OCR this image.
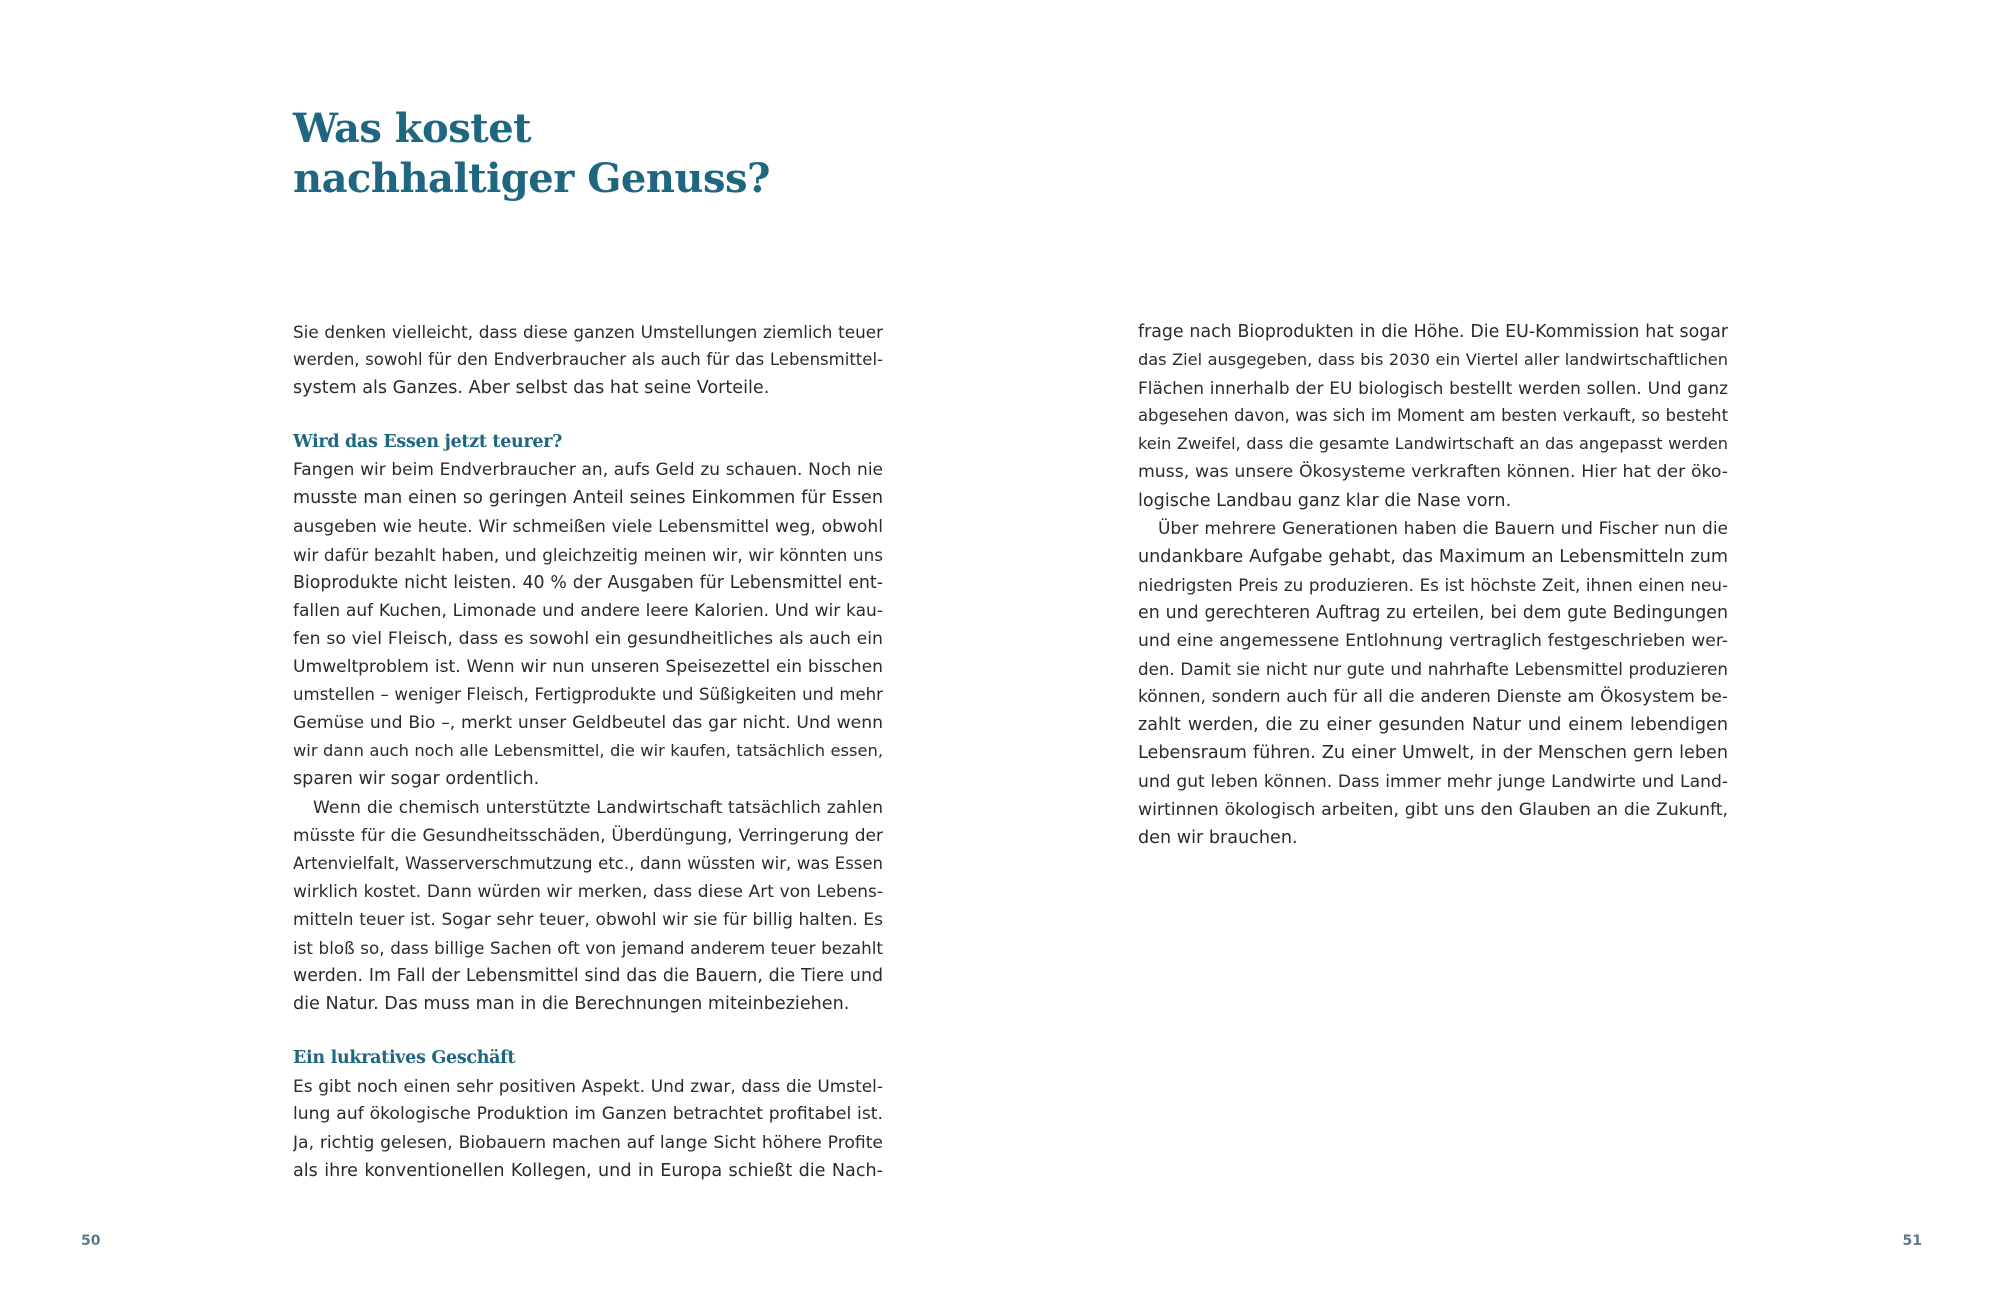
Was kostet
nachhaltiger Genuss?
Sie denken vielleicht, dass diese ganzen Umstellungen ziemlich teuer
werden, sowohl für den Endverbraucher als auch für das Lebensmittel-
system als Ganzes. Aber selbst das hat seine Vorteile.
Wird das Essen jetzt teurer?
Fangen wir beim Endverbraucher an, aufs Geld zu schauen. Noch nie
musste man einen so geringen Anteil seines Einkommen für Essen
ausgeben wie heute. Wir schmeißen viele Lebensmittel weg, obwohl
wir dafür bezahlt haben, und gleichzeitig meinen wir, wir könnten uns
Bioprodukte nicht leisten. 40 % der Ausgaben für Lebensmittel ent-
fallen auf Kuchen, Limonade und andere leere Kalorien. Und wir kau-
fen so viel Fleisch, dass es sowohl ein gesundheitliches als auch ein
Umweltproblem ist. Wenn wir nun unseren Speisezettel ein bisschen
umstellen – weniger Fleisch, Fertigprodukte und Süßigkeiten und mehr
Gemüse und Bio –, merkt unser Geldbeutel das gar nicht. Und wenn
wir dann auch noch alle Lebensmittel, die wir kaufen, tatsächlich essen,
sparen wir sogar ordentlich.
Wenn die chemisch unterstützte Landwirtschaft tatsächlich zahlen
müsste für die Gesundheitsschäden, Überdüngung, Verringerung der
Artenvielfalt, Wasserverschmutzung etc., dann wüssten wir, was Essen
wirklich kostet. Dann würden wir merken, dass diese Art von Lebens-
mitteln teuer ist. Sogar sehr teuer, obwohl wir sie für billig halten. Es
ist bloß so, dass billige Sachen oft von jemand anderem teuer bezahlt
werden. Im Fall der Lebensmittel sind das die Bauern, die Tiere und
die Natur. Das muss man in die Berechnungen miteinbeziehen.
Ein lukratives Geschäft
Es gibt noch einen sehr positiven Aspekt. Und zwar, dass die Umstel-
lung auf ökologische Produktion im Ganzen betrachtet profitabel ist.
Ja, richtig gelesen, Biobauern machen auf lange Sicht höhere Profite
als ihre konventionellen Kollegen, und in Europa schießt die Nach-
50
frage nach Bioprodukten in die Höhe. Die EU-Kommission hat sogar
das Ziel ausgegeben, dass bis 2030 ein Viertel aller landwirtschaftlichen
Flächen innerhalb der EU biologisch bestellt werden sollen. Und ganz
abgesehen davon, was sich im Moment am besten verkauft, so besteht
kein Zweifel, dass die gesamte Landwirtschaft an das angepasst werden
muss, was unsere Ökosysteme verkraften können. Hier hat der öko-
logische Landbau ganz klar die Nase vorn.
Über mehrere Generationen haben die Bauern und Fischer nun die
undankbare Aufgabe gehabt, das Maximum an Lebensmitteln zum
niedrigsten Preis zu produzieren. Es ist höchste Zeit, ihnen einen neu-
en und gerechteren Auftrag zu erteilen, bei dem gute Bedingungen
und eine angemessene Entlohnung vertraglich festgeschrieben wer-
den. Damit sie nicht nur gute und nahrhafte Lebensmittel produzieren
können, sondern auch für all die anderen Dienste am Ökosystem be-
zahlt werden, die zu einer gesunden Natur und einem lebendigen
Lebensraum führen. Zu einer Umwelt, in der Menschen gern leben
und gut leben können. Dass immer mehr junge Landwirte und Land-
wirtinnen ökologisch arbeiten, gibt uns den Glauben an die Zukunft,
den wir brauchen.
51
